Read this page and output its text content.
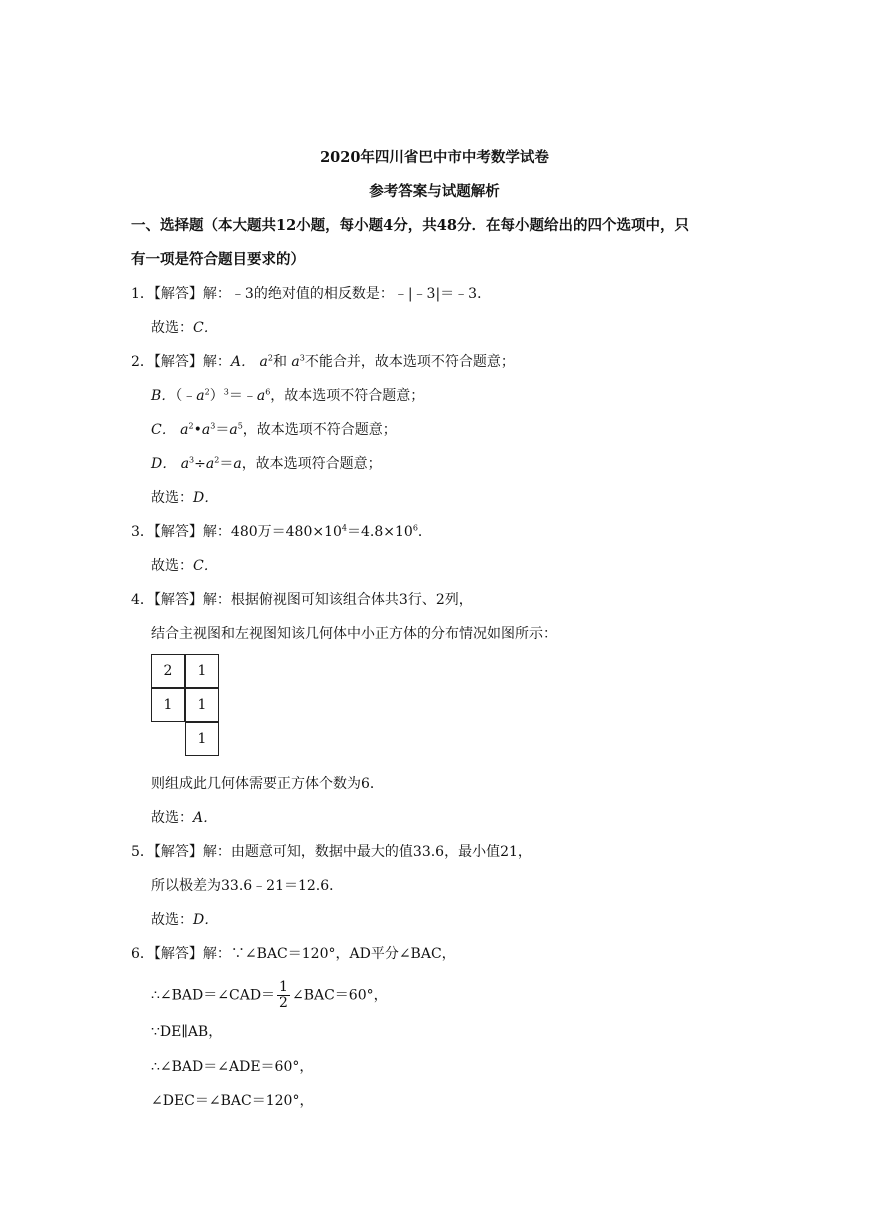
2020年四川省巴中市中考数学试卷
参考答案与试题解析
一、选择题（本大题共12小题，每小题4分，共48分．在每小题给出的四个选项中，只
有一项是符合题目要求的）
1．【解答】解：﹣3的绝对值的相反数是：﹣|﹣3|＝﹣3．
故选：C．
2．【解答】解：A． $a^2$和 $a^3$不能合并，故本选项不符合题意；
B．$(﹣a^2)^3=﹣a^6$，故本选项不符合题意；
C． $a^2•a^3=a^5$，故本选项不符合题意；
D． $a^3\div a^2=a$，故本选项符合题意；
故选：D．
3．【解答】解：480万$=480\times 10^4=4.8\times 10^6$．
故选：C．
4．【解答】解：根据俯视图可知该组合体共3行、2列，
结合主视图和左视图知该几何体中小正方体的分布情况如图所示：
2	1
1	1
1
则组成此几何体需要正方体个数为6．
故选：A．
5．【解答】解：由题意可知，数据中最大的值33.6，最小值21，
所以极差为33.6﹣21＝12.6．
故选：D．
6．【解答】解：∵∠BAC＝120°，AD平分∠BAC，
∴∠BAD＝∠CAD＝ $\frac{1}{2}$ ∠BAC＝60°，
∵DE∥AB，
∴∠BAD＝∠ADE＝60°，
∠DEC＝∠BAC＝120°，
